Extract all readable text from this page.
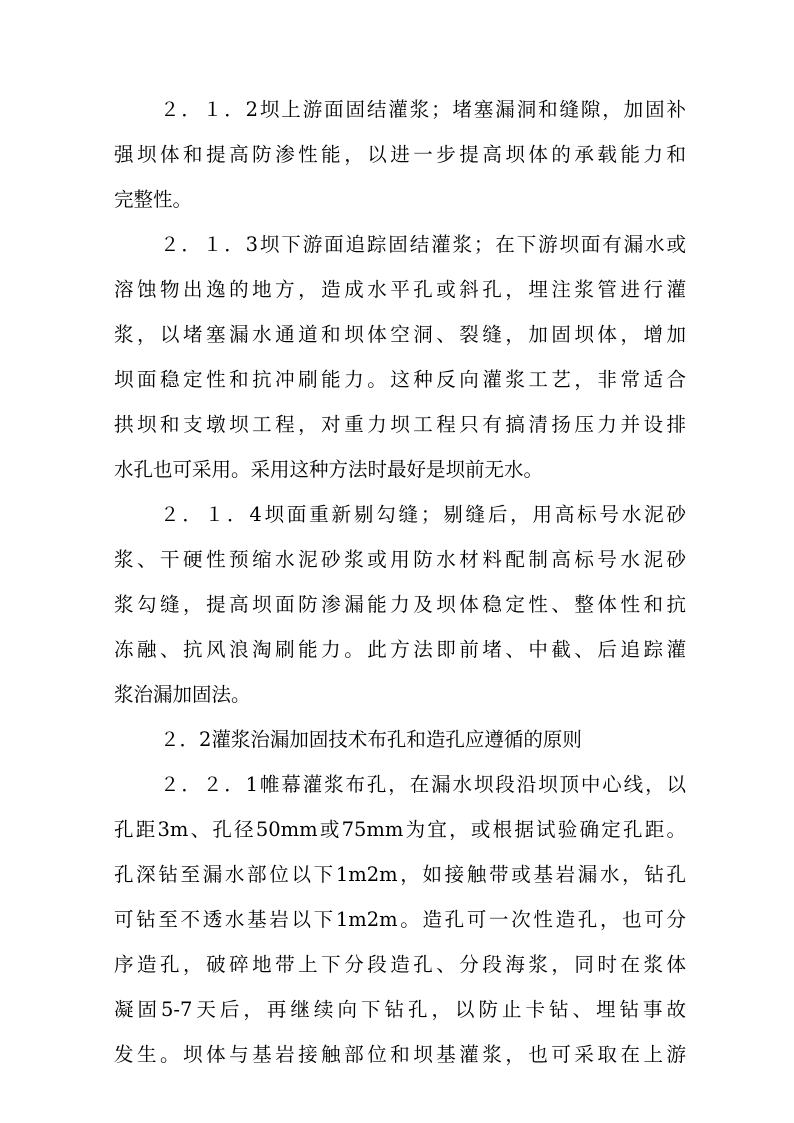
２．１．2坝上游面固结灌浆；堵塞漏洞和缝隙，加固补
强坝体和提高防渗性能，以进一步提高坝体的承载能力和
完整性。
２．１．3坝下游面追踪固结灌浆；在下游坝面有漏水或
溶蚀物出逸的地方，造成水平孔或斜孔，埋注浆管进行灌
浆，以堵塞漏水通道和坝体空洞、裂缝，加固坝体，增加
坝面稳定性和抗冲刷能力。这种反向灌浆工艺，非常适合
拱坝和支墩坝工程，对重力坝工程只有搞清扬压力并设排
水孔也可采用。采用这种方法时最好是坝前无水。
２．１．4坝面重新剔勾缝；剔缝后，用高标号水泥砂
浆、干硬性预缩水泥砂浆或用防水材料配制高标号水泥砂
浆勾缝，提高坝面防渗漏能力及坝体稳定性、整体性和抗
冻融、抗风浪淘刷能力。此方法即前堵、中截、后追踪灌
浆治漏加固法。
２．2灌浆治漏加固技术布孔和造孔应遵循的原则
２．２．1帷幕灌浆布孔，在漏水坝段沿坝顶中心线，以
孔距3m、孔径50mm或75mm为宜，或根据试验确定孔距。
孔深钻至漏水部位以下1m2m，如接触带或基岩漏水，钻孔
可钻至不透水基岩以下1m2m。造孔可一次性造孔，也可分
序造孔，破碎地带上下分段造孔、分段海浆，同时在浆体
凝固5-7天后，再继续向下钻孔，以防止卡钻、埋钻事故
发生。坝体与基岩接触部位和坝基灌浆，也可采取在上游
